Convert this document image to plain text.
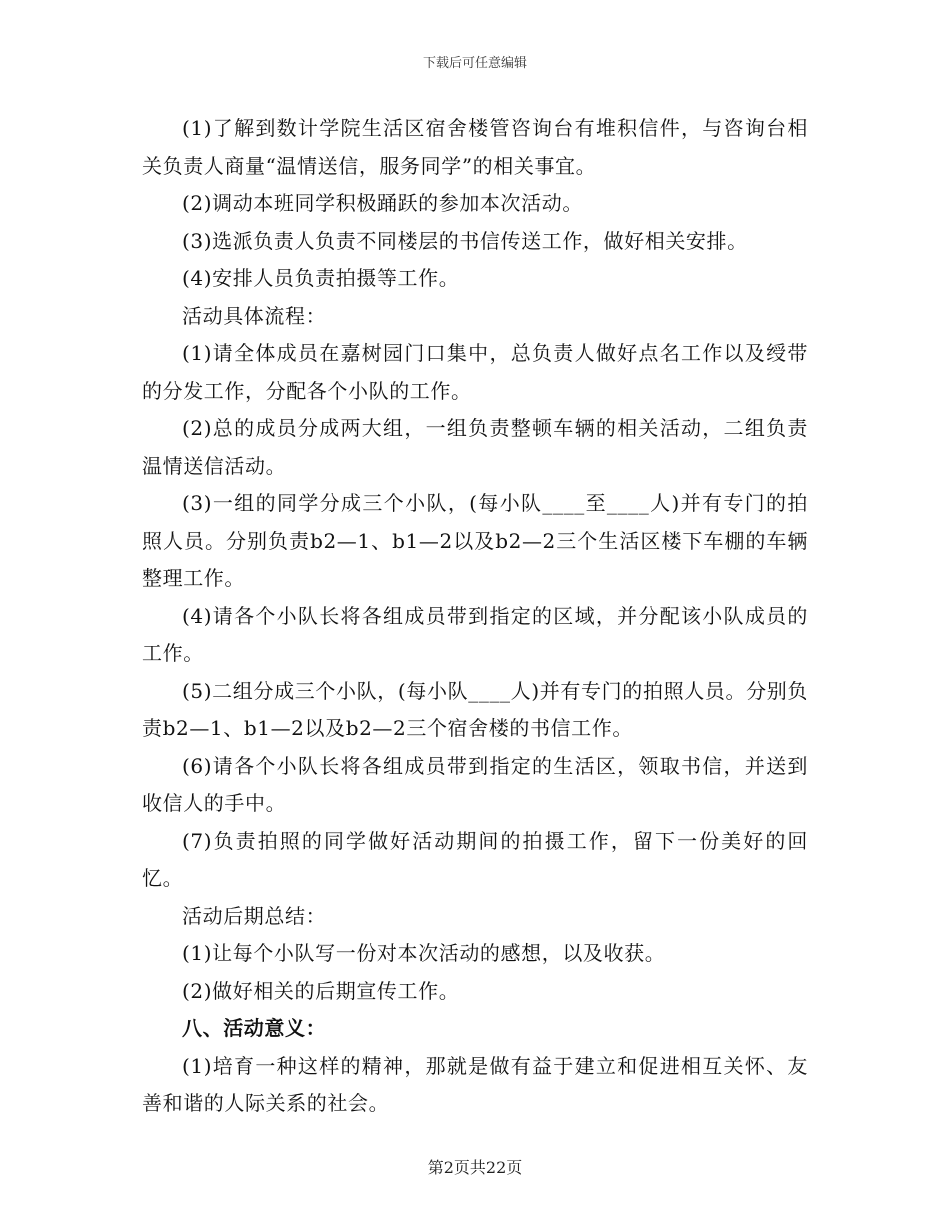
下载后可任意编辑

(1)了解到数计学院生活区宿舍楼管咨询台有堆积信件，与咨询台相关负责人商量“温情送信，服务同学”的相关事宜。

(2)调动本班同学积极踊跃的参加本次活动。

(3)选派负责人负责不同楼层的书信传送工作，做好相关安排。

(4)安排人员负责拍摄等工作。

活动具体流程：

(1)请全体成员在嘉树园门口集中，总负责人做好点名工作以及绶带的分发工作，分配各个小队的工作。

(2)总的成员分成两大组，一组负责整顿车辆的相关活动，二组负责温情送信活动。

(3)一组的同学分成三个小队，(每小队____至____人)并有专门的拍照人员。分别负责b2—1、b1—2以及b2—2三个生活区楼下车棚的车辆整理工作。

(4)请各个小队长将各组成员带到指定的区域，并分配该小队成员的工作。

(5)二组分成三个小队，(每小队____人)并有专门的拍照人员。分别负责b2—1、b1—2以及b2—2三个宿舍楼的书信工作。

(6)请各个小队长将各组成员带到指定的生活区，领取书信，并送到收信人的手中。

(7)负责拍照的同学做好活动期间的拍摄工作，留下一份美好的回忆。

活动后期总结：

(1)让每个小队写一份对本次活动的感想，以及收获。

(2)做好相关的后期宣传工作。

八、活动意义：

(1)培育一种这样的精神，那就是做有益于建立和促进相互关怀、友善和谐的人际关系的社会。

第2页共22页
